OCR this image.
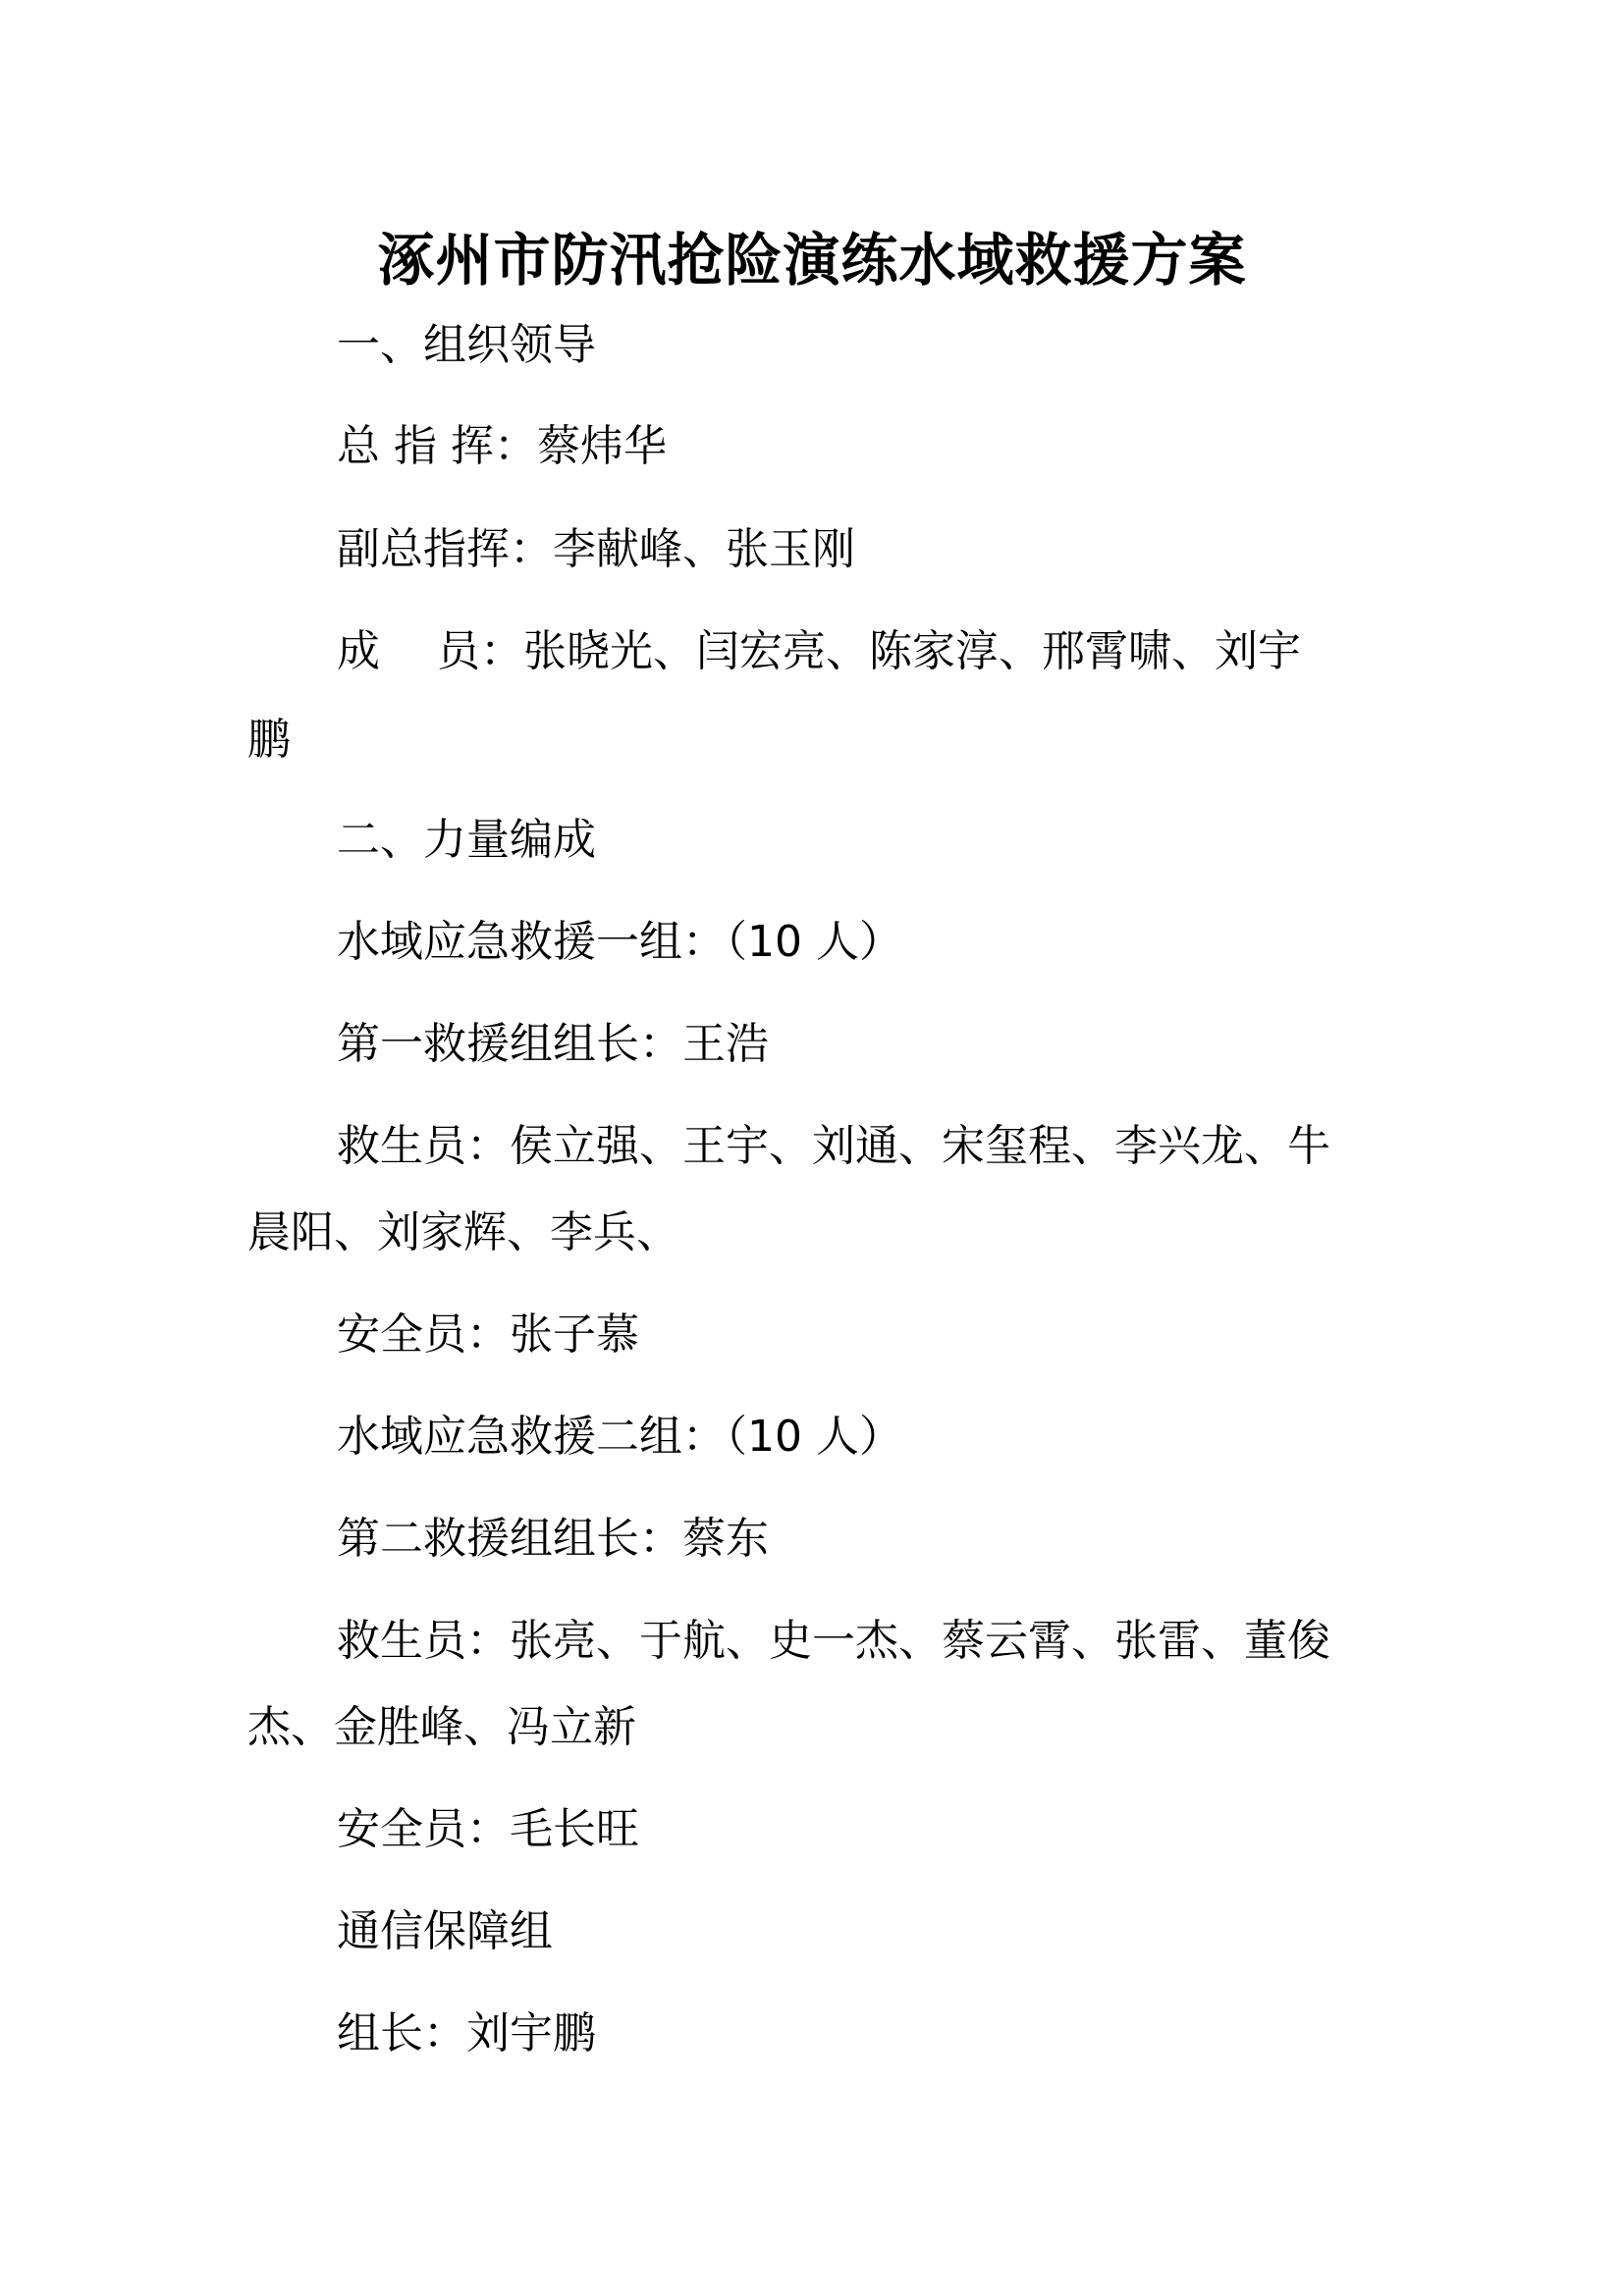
涿州市防汛抢险演练水域救援方案
一、组织领导
总 指 挥：蔡炜华
副总指挥：李献峰、张玉刚
成　 员：张晓光、闫宏亮、陈家淳、邢霄啸、刘宇
鹏
二、力量编成
水域应急救援一组：（10 人）
第一救援组组长：王浩
救生员：侯立强、王宇、刘通、宋玺程、李兴龙、牛
晨阳、刘家辉、李兵、
安全员：张子慕
水域应急救援二组：（10 人）
第二救援组组长：蔡东
救生员：张亮、于航、史一杰、蔡云霄、张雷、董俊
杰、金胜峰、冯立新
安全员：毛长旺
通信保障组
组长：刘宇鹏
